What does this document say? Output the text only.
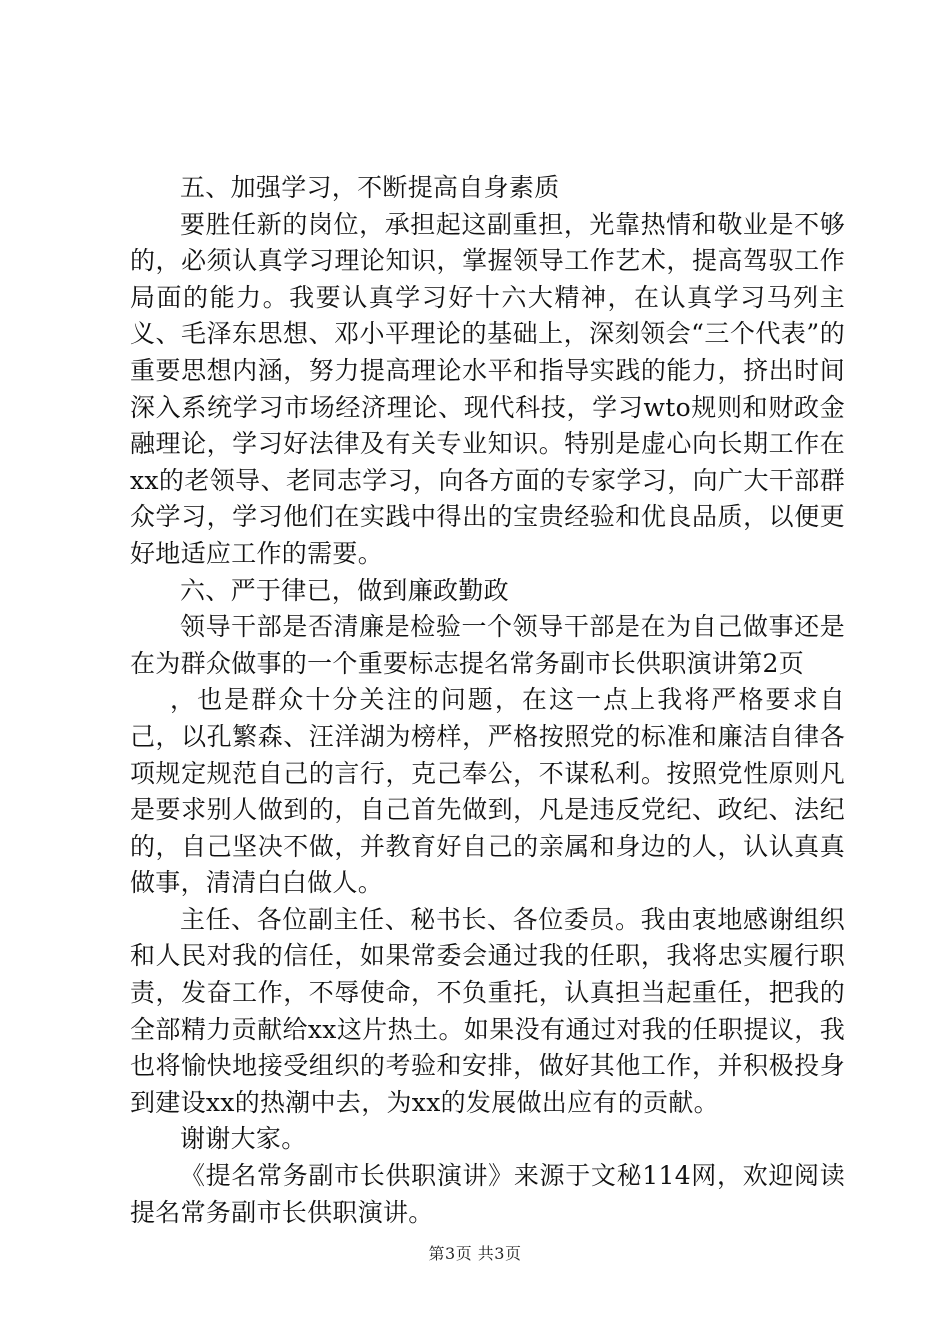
五、加强学习，不断提高自身素质

要胜任新的岗位，承担起这副重担，光靠热情和敬业是不够的，必须认真学习理论知识，掌握领导工作艺术，提高驾驭工作局面的能力。我要认真学习好十六大精神，在认真学习马列主义、毛泽东思想、邓小平理论的基础上，深刻领会“三个代表”的重要思想内涵，努力提高理论水平和指导实践的能力，挤出时间深入系统学习市场经济理论、现代科技，学习wto规则和财政金融理论，学习好法律及有关专业知识。特别是虚心向长期工作在xx的老领导、老同志学习，向各方面的专家学习，向广大干部群众学习，学习他们在实践中得出的宝贵经验和优良品质，以便更好地适应工作的需要。

六、严于律已，做到廉政勤政

领导干部是否清廉是检验一个领导干部是在为自己做事还是在为群众做事的一个重要标志提名常务副市长供职演讲第2页

，也是群众十分关注的问题，在这一点上我将严格要求自己，以孔繁森、汪洋湖为榜样，严格按照党的标准和廉洁自律各项规定规范自己的言行，克己奉公，不谋私利。按照党性原则凡是要求别人做到的，自己首先做到，凡是违反党纪、政纪、法纪的，自己坚决不做，并教育好自己的亲属和身边的人，认认真真做事，清清白白做人。

主任、各位副主任、秘书长、各位委员。我由衷地感谢组织和人民对我的信任，如果常委会通过我的任职，我将忠实履行职责，发奋工作，不辱使命，不负重托，认真担当起重任，把我的全部精力贡献给xx这片热土。如果没有通过对我的任职提议，我也将愉快地接受组织的考验和安排，做好其他工作，并积极投身到建设xx的热潮中去，为xx的发展做出应有的贡献。

谢谢大家。

《提名常务副市长供职演讲》来源于文秘114网，欢迎阅读提名常务副市长供职演讲。

第3页 共3页
